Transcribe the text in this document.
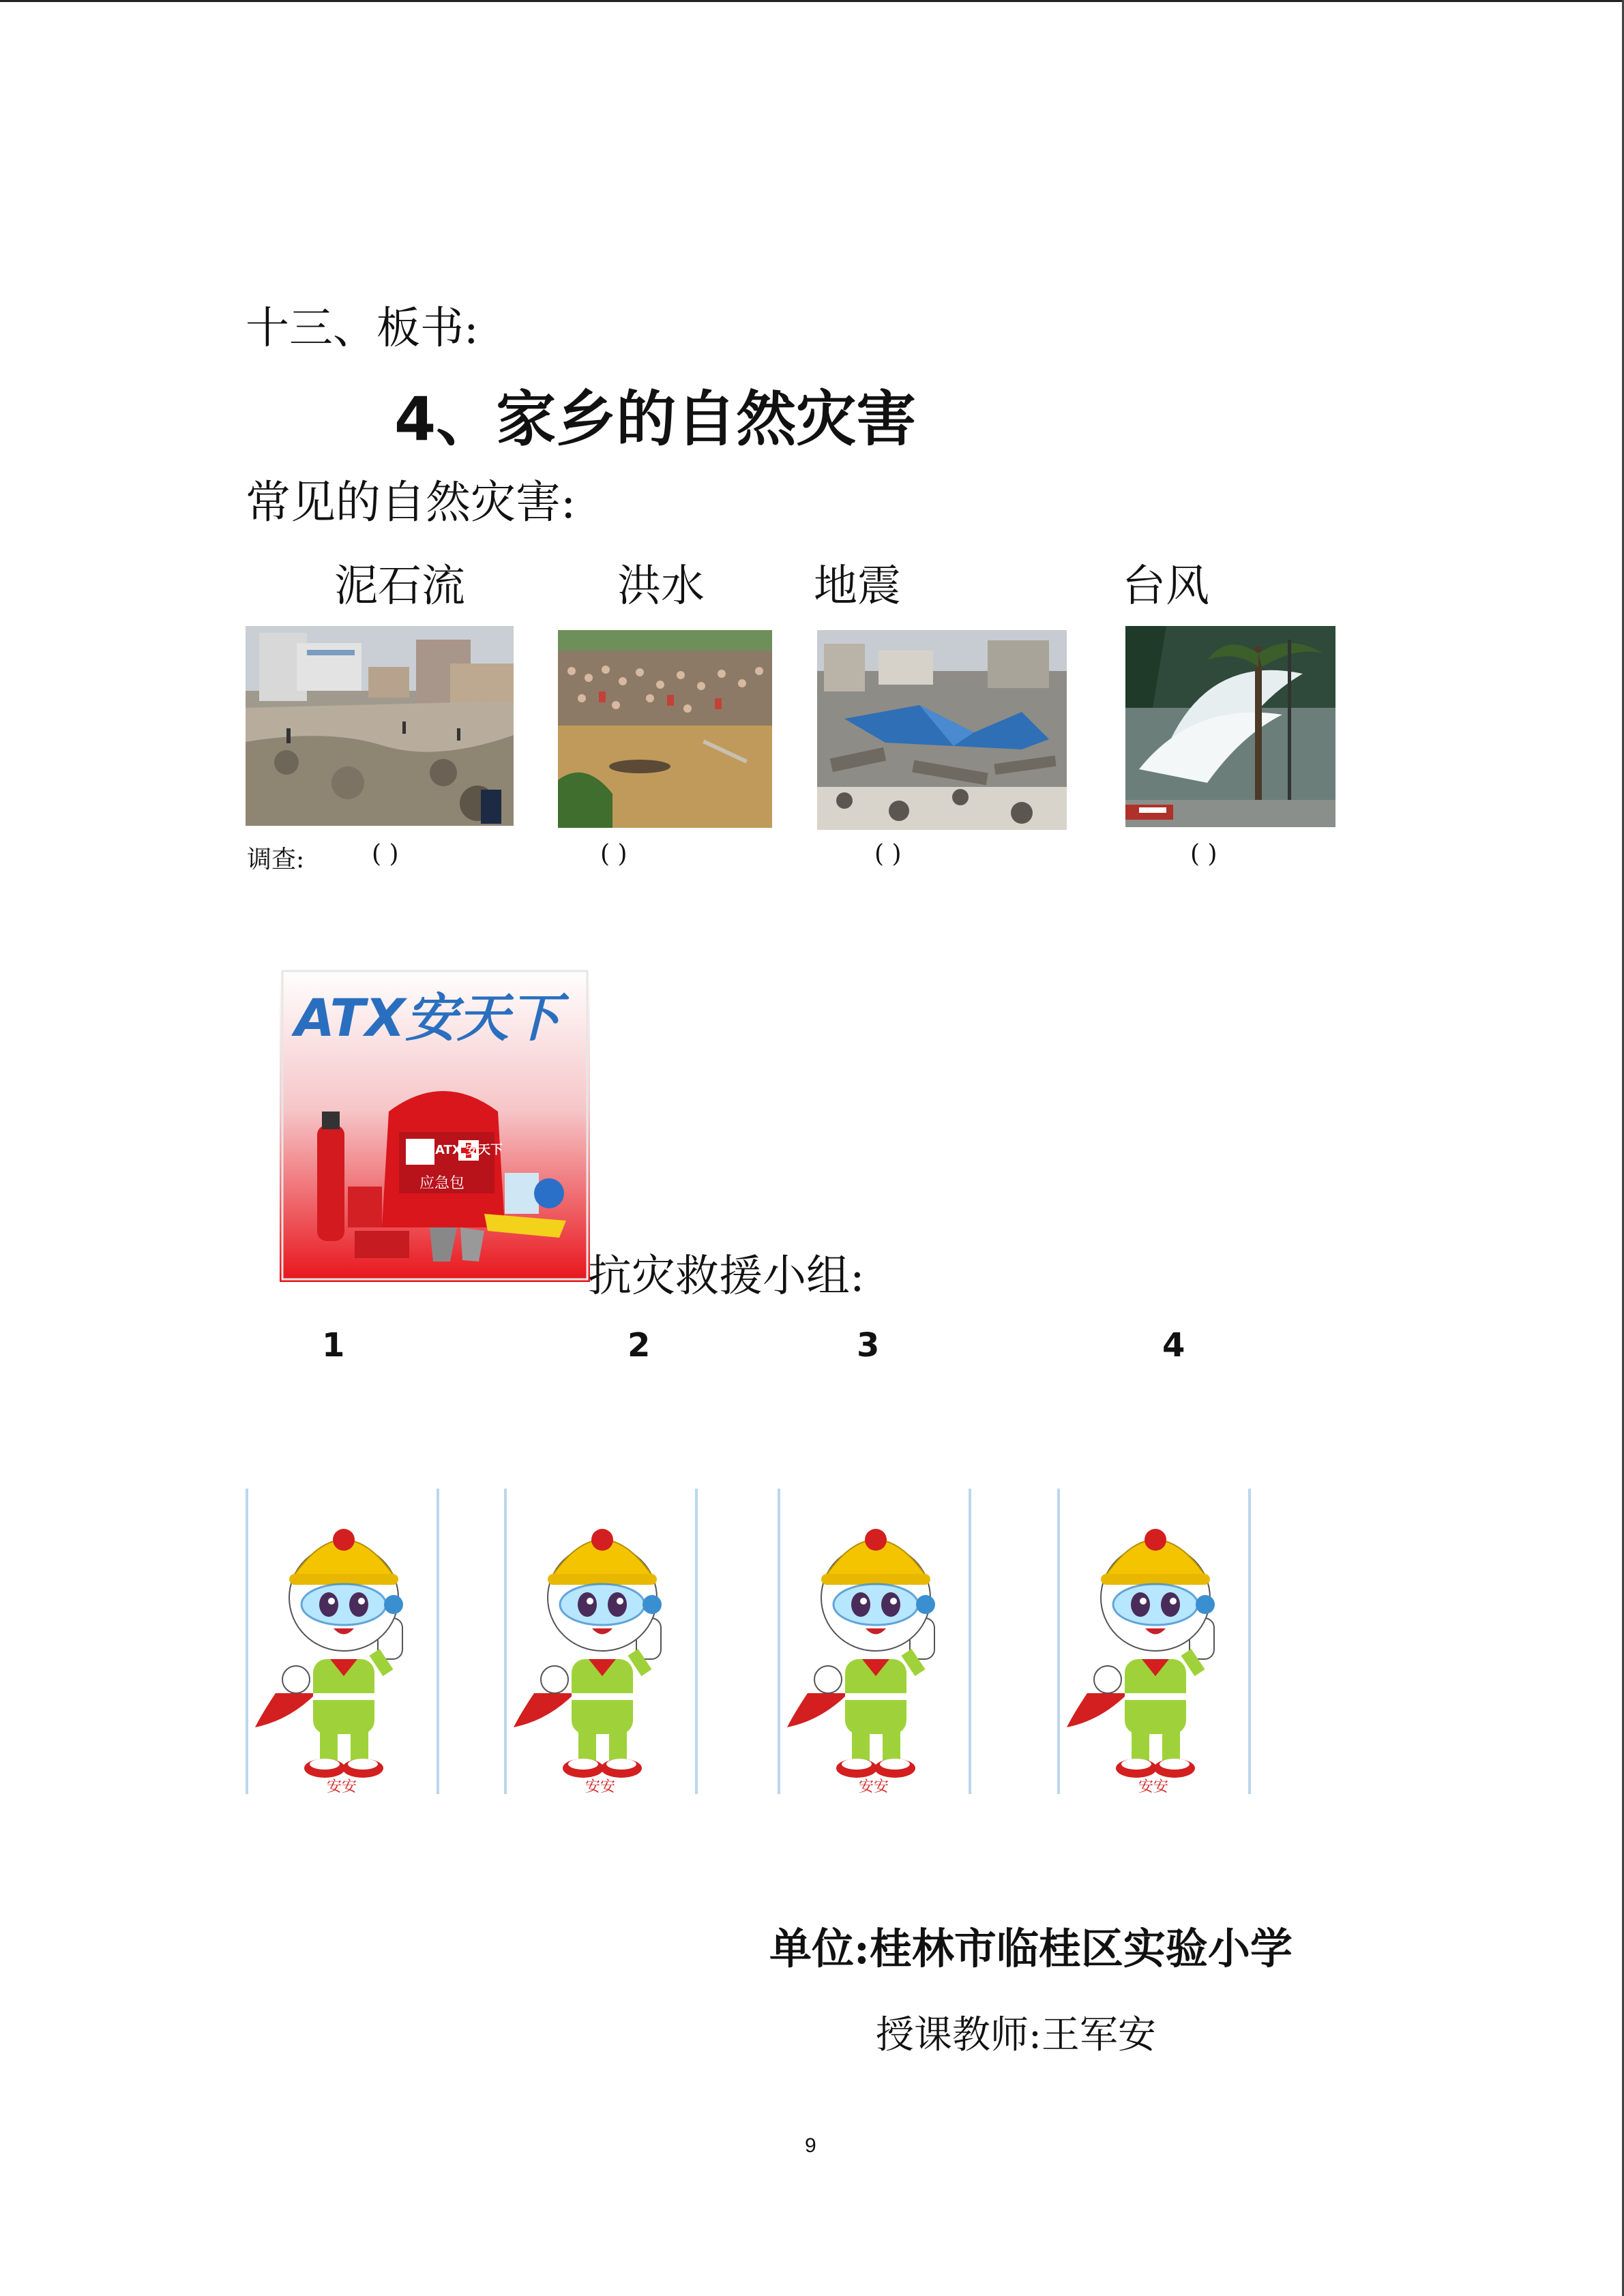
十三、板书:
4、家乡的自然灾害
常见的自然灾害:
泥石流	洪水	地震	台风
调查:	( )	( )	( )	( )
ATX安天下
ATX 安天下
应急包
抗灾救援小组:
1	2	3	4
安安	安安	安安	安安
单位:桂林市临桂区实验小学
授课教师:王军安
9
